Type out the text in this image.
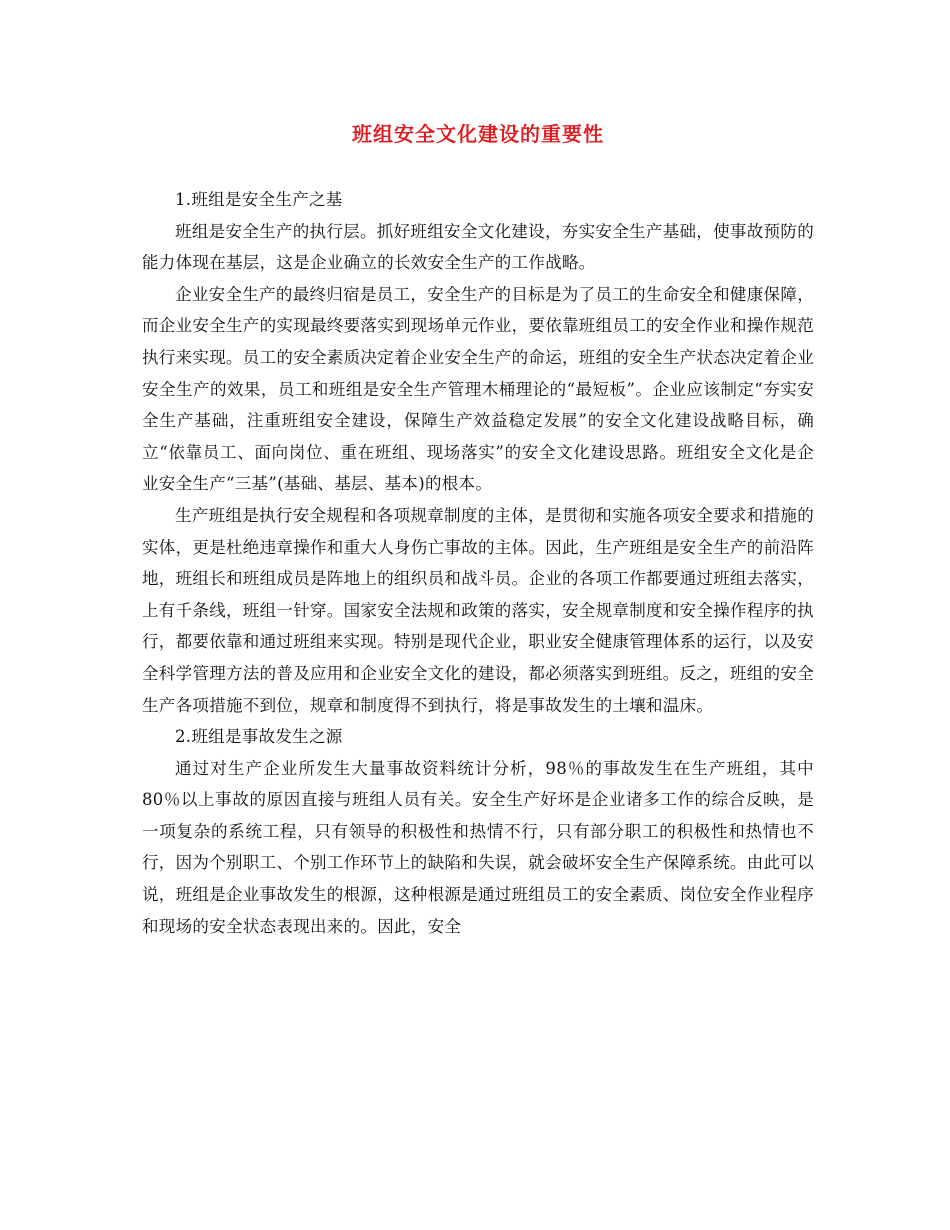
班组安全文化建设的重要性

1.班组是安全生产之基

班组是安全生产的执行层。抓好班组安全文化建设，夯实安全生产基础，使事故预防的能力体现在基层，这是企业确立的长效安全生产的工作战略。

企业安全生产的最终归宿是员工，安全生产的目标是为了员工的生命安全和健康保障，而企业安全生产的实现最终要落实到现场单元作业，要依靠班组员工的安全作业和操作规范执行来实现。员工的安全素质决定着企业安全生产的命运，班组的安全生产状态决定着企业安全生产的效果，员工和班组是安全生产管理木桶理论的“最短板”。企业应该制定“夯实安全生产基础，注重班组安全建设，保障生产效益稳定发展”的安全文化建设战略目标，确立“依靠员工、面向岗位、重在班组、现场落实”的安全文化建设思路。班组安全文化是企业安全生产“三基”(基础、基层、基本)的根本。

生产班组是执行安全规程和各项规章制度的主体，是贯彻和实施各项安全要求和措施的实体，更是杜绝违章操作和重大人身伤亡事故的主体。因此，生产班组是安全生产的前沿阵地，班组长和班组成员是阵地上的组织员和战斗员。企业的各项工作都要通过班组去落实，上有千条线，班组一针穿。国家安全法规和政策的落实，安全规章制度和安全操作程序的执行，都要依靠和通过班组来实现。特别是现代企业，职业安全健康管理体系的运行，以及安全科学管理方法的普及应用和企业安全文化的建设，都必须落实到班组。反之，班组的安全生产各项措施不到位，规章和制度得不到执行，将是事故发生的土壤和温床。

2.班组是事故发生之源

通过对生产企业所发生大量事故资料统计分析，98％的事故发生在生产班组，其中80％以上事故的原因直接与班组人员有关。安全生产好坏是企业诸多工作的综合反映，是一项复杂的系统工程，只有领导的积极性和热情不行，只有部分职工的积极性和热情也不行，因为个别职工、个别工作环节上的缺陷和失误，就会破坏安全生产保障系统。由此可以说，班组是企业事故发生的根源，这种根源是通过班组员工的安全素质、岗位安全作业程序和现场的安全状态表现出来的。因此，安全
